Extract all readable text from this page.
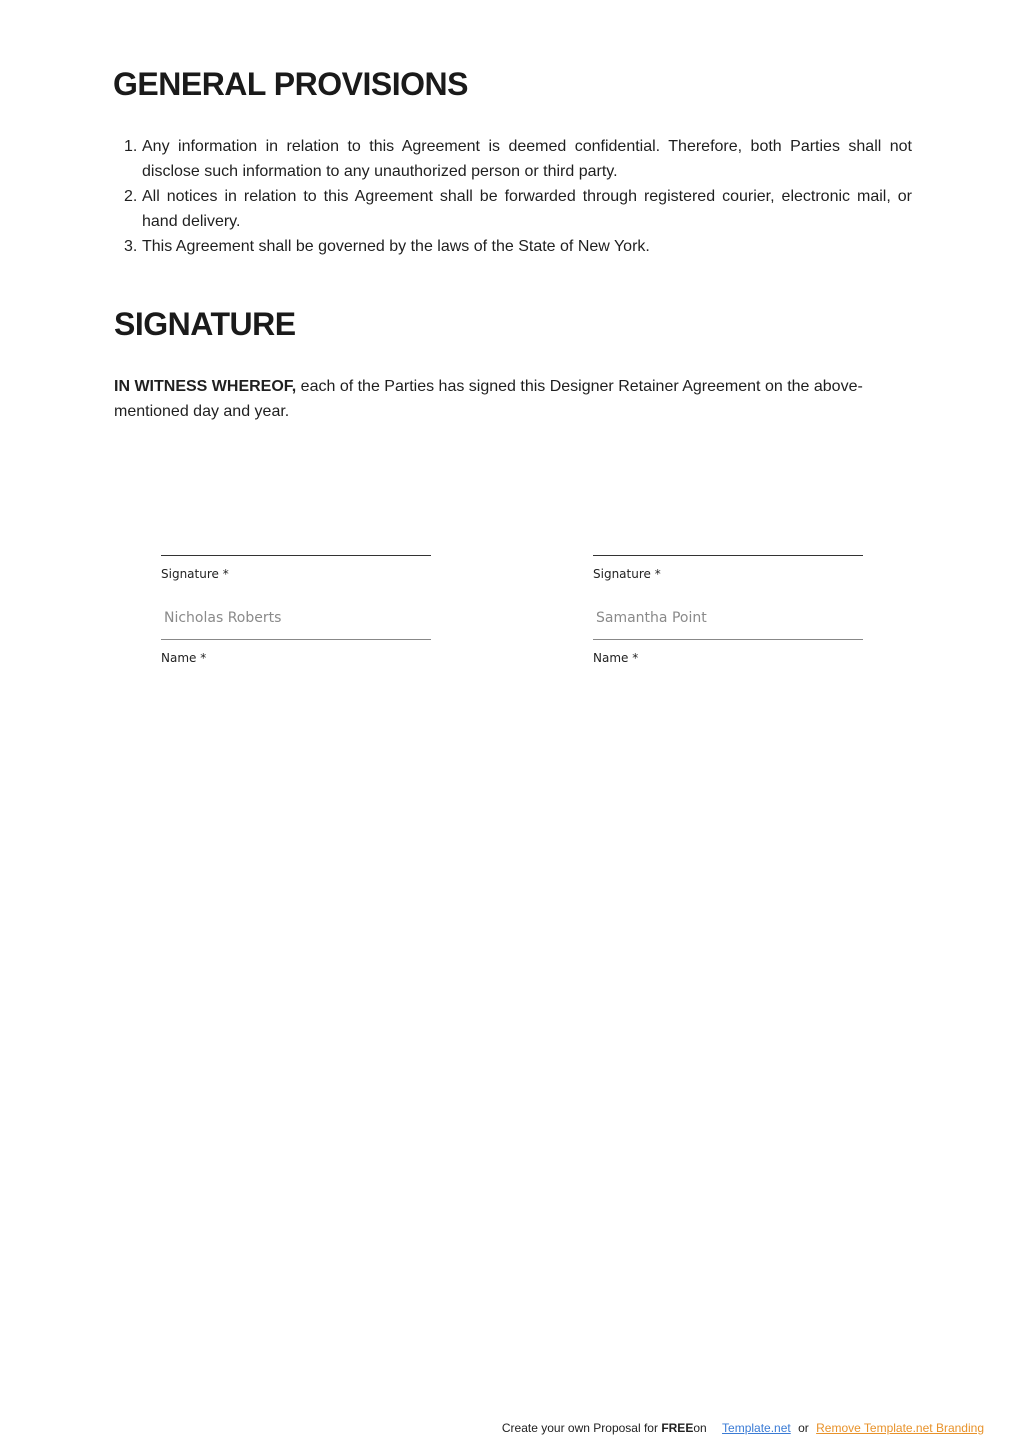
GENERAL PROVISIONS
1. Any information in relation to this Agreement is deemed confidential. Therefore, both Parties shall not disclose such information to any unauthorized person or third party.
2. All notices in relation to this Agreement shall be forwarded through registered courier, electronic mail, or hand delivery.
3. This Agreement shall be governed by the laws of the State of New York.
SIGNATURE

IN WITNESS WHEREOF, each of the Parties has signed this Designer Retainer Agreement on the above-mentioned day and year.

Signature *
Nicholas Roberts
Name *
Signature *
Samantha Point
Name *
Create your own Proposal for FREEon Template.net or Remove Template.net Branding
